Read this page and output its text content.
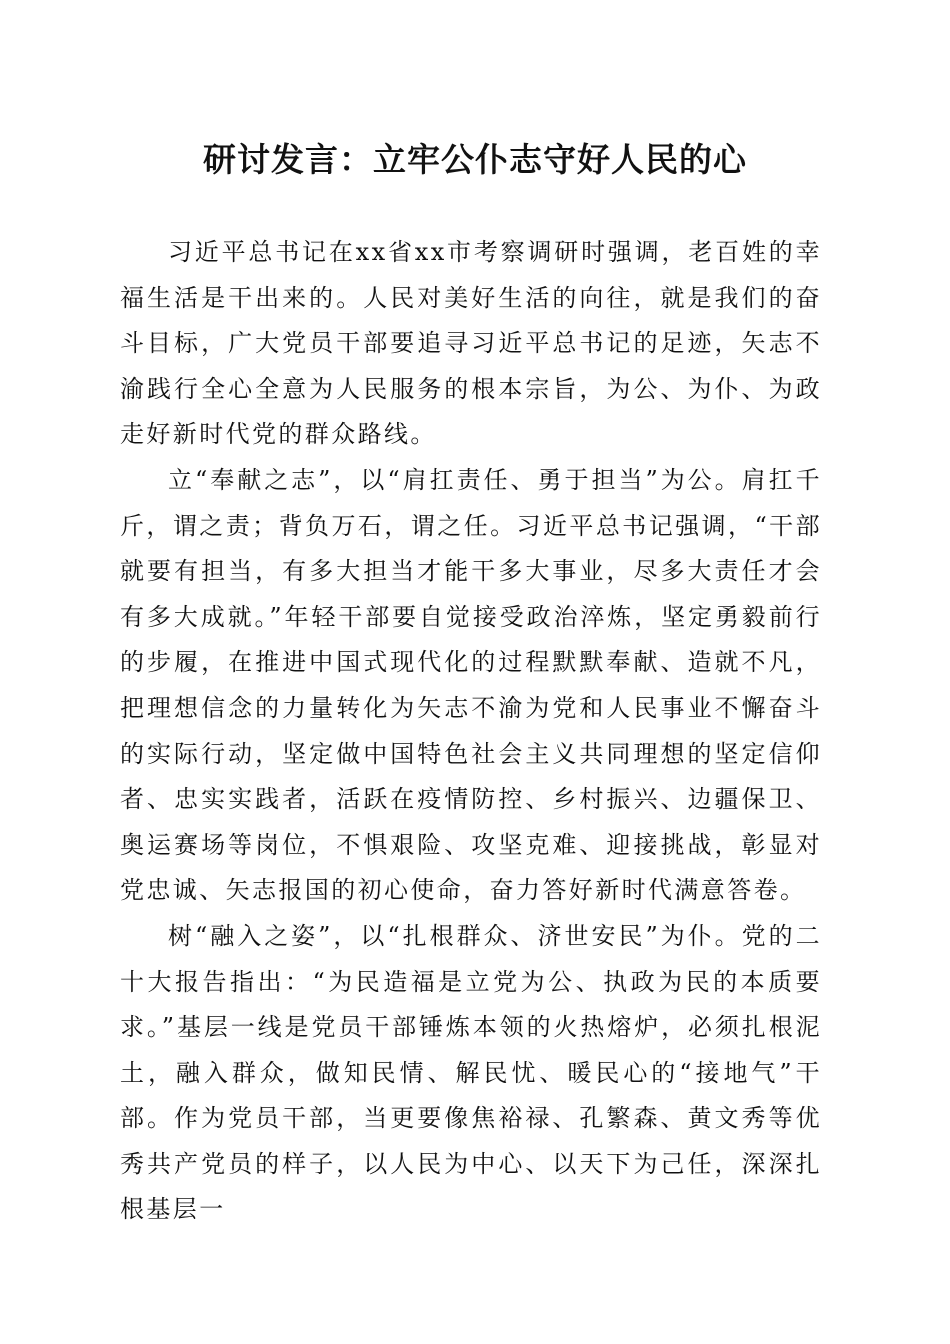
研讨发言：立牢公仆志守好人民的心

习近平总书记在xx省xx市考察调研时强调，老百姓的幸福生活是干出来的。人民对美好生活的向往，就是我们的奋斗目标，广大党员干部要追寻习近平总书记的足迹，矢志不渝践行全心全意为人民服务的根本宗旨，为公、为仆、为政走好新时代党的群众路线。

立“奉献之志”，以“肩扛责任、勇于担当”为公。肩扛千斤，谓之责；背负万石，谓之任。习近平总书记强调，“干部就要有担当，有多大担当才能干多大事业，尽多大责任才会有多大成就。”年轻干部要自觉接受政治淬炼，坚定勇毅前行的步履，在推进中国式现代化的过程默默奉献、造就不凡，把理想信念的力量转化为矢志不渝为党和人民事业不懈奋斗的实际行动，坚定做中国特色社会主义共同理想的坚定信仰者、忠实实践者，活跃在疫情防控、乡村振兴、边疆保卫、奥运赛场等岗位，不惧艰险、攻坚克难、迎接挑战，彰显对党忠诚、矢志报国的初心使命，奋力答好新时代满意答卷。

树“融入之姿”，以“扎根群众、济世安民”为仆。党的二十大报告指出：“为民造福是立党为公、执政为民的本质要求。”基层一线是党员干部锤炼本领的火热熔炉，必须扎根泥土，融入群众，做知民情、解民忧、暖民心的“接地气”干部。作为党员干部，当更要像焦裕禄、孔繁森、黄文秀等优秀共产党员的样子，以人民为中心、以天下为己任，深深扎根基层一
